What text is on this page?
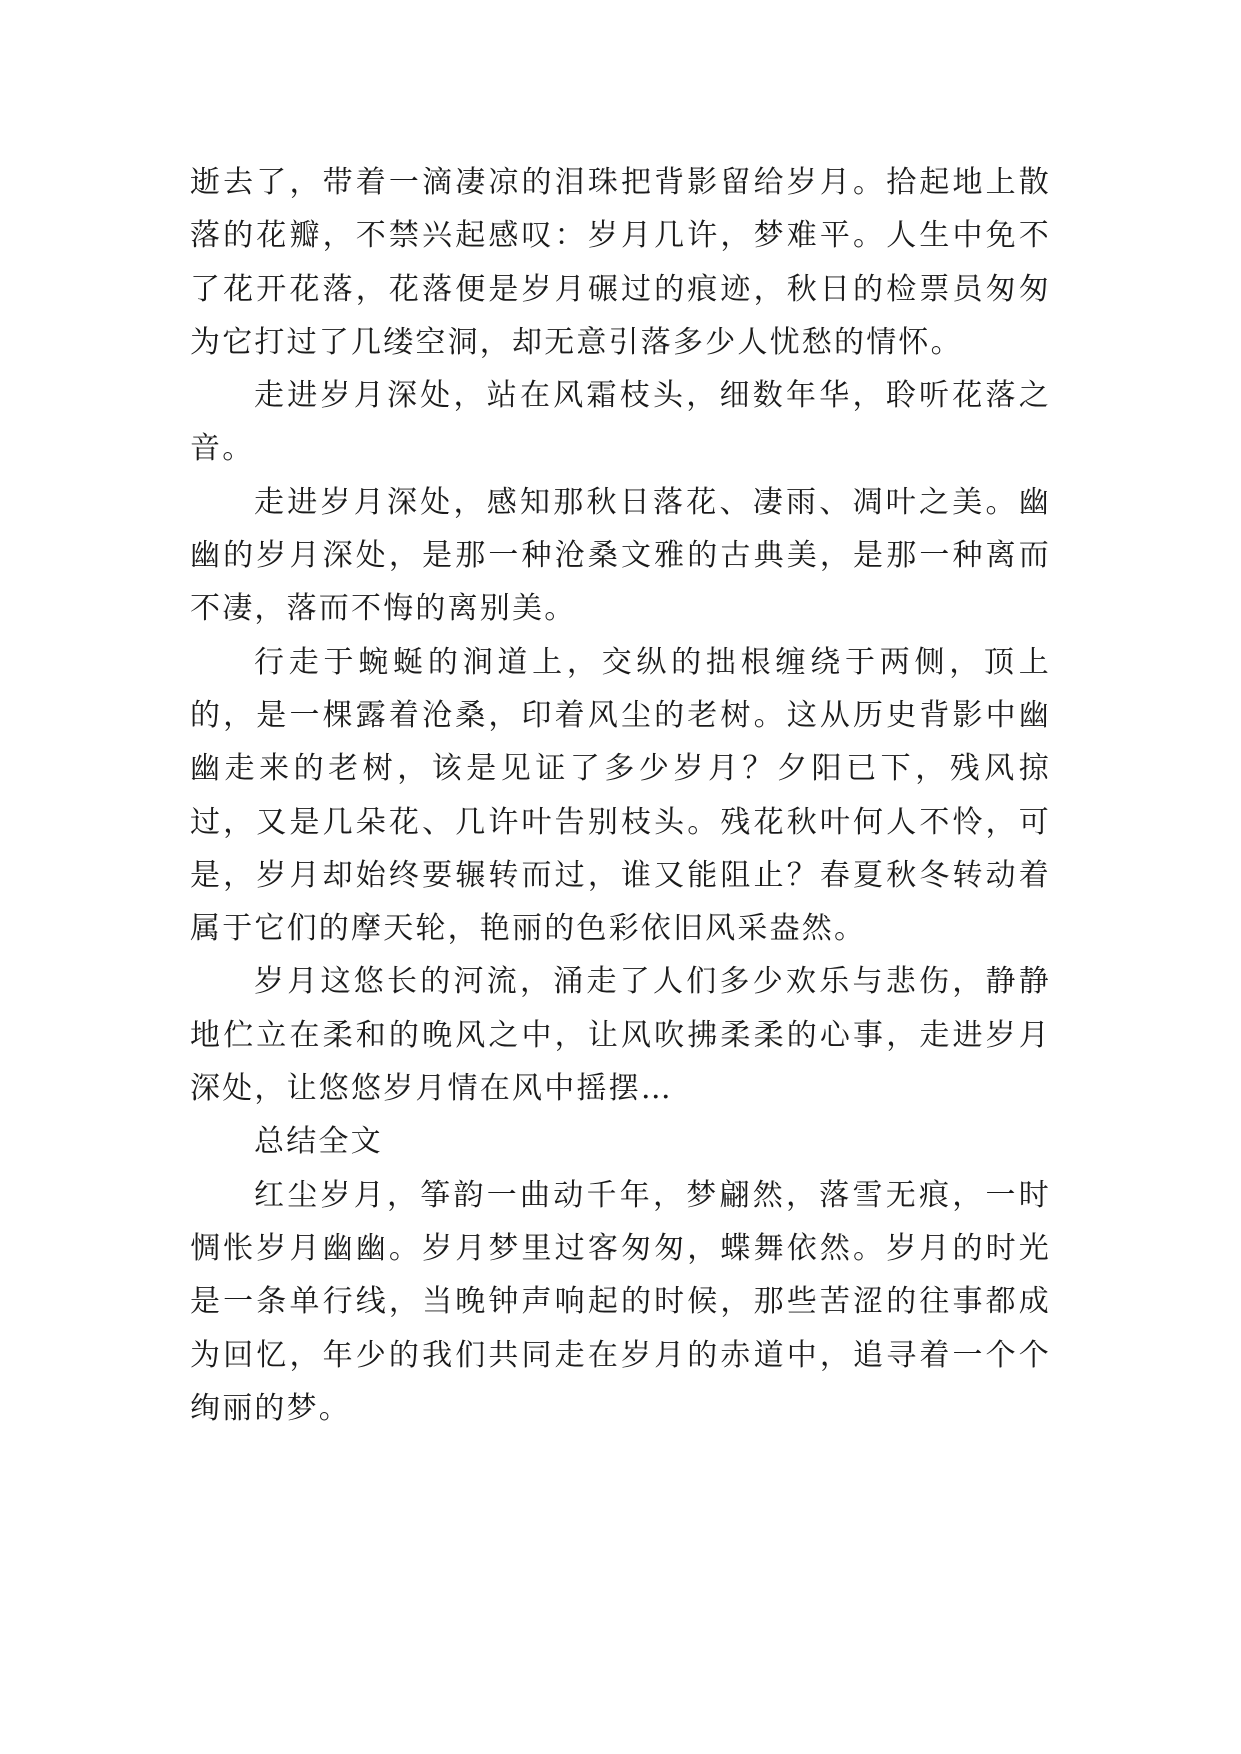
逝去了，带着一滴凄凉的泪珠把背影留给岁月。拾起地上散落的花瓣，不禁兴起感叹：岁月几许，梦难平。人生中免不了花开花落，花落便是岁月碾过的痕迹，秋日的检票员匆匆为它打过了几缕空洞，却无意引落多少人忧愁的情怀。

走进岁月深处，站在风霜枝头，细数年华，聆听花落之音。

走进岁月深处，感知那秋日落花、凄雨、凋叶之美。幽幽的岁月深处，是那一种沧桑文雅的古典美，是那一种离而不凄，落而不悔的离别美。

行走于蜿蜒的涧道上，交纵的拙根缠绕于两侧，顶上的，是一棵露着沧桑，印着风尘的老树。这从历史背影中幽幽走来的老树，该是见证了多少岁月？夕阳已下，残风掠过，又是几朵花、几许叶告别枝头。残花秋叶何人不怜，可是，岁月却始终要辗转而过，谁又能阻止？春夏秋冬转动着属于它们的摩天轮，艳丽的色彩依旧风采盎然。

岁月这悠长的河流，涌走了人们多少欢乐与悲伤，静静地伫立在柔和的晚风之中，让风吹拂柔柔的心事，走进岁月深处，让悠悠岁月情在风中摇摆…

总结全文

红尘岁月，筝韵一曲动千年，梦翩然，落雪无痕，一时惆怅岁月幽幽。岁月梦里过客匆匆，蝶舞依然。岁月的时光是一条单行线，当晚钟声响起的时候，那些苦涩的往事都成为回忆，年少的我们共同走在岁月的赤道中，追寻着一个个绚丽的梦。
